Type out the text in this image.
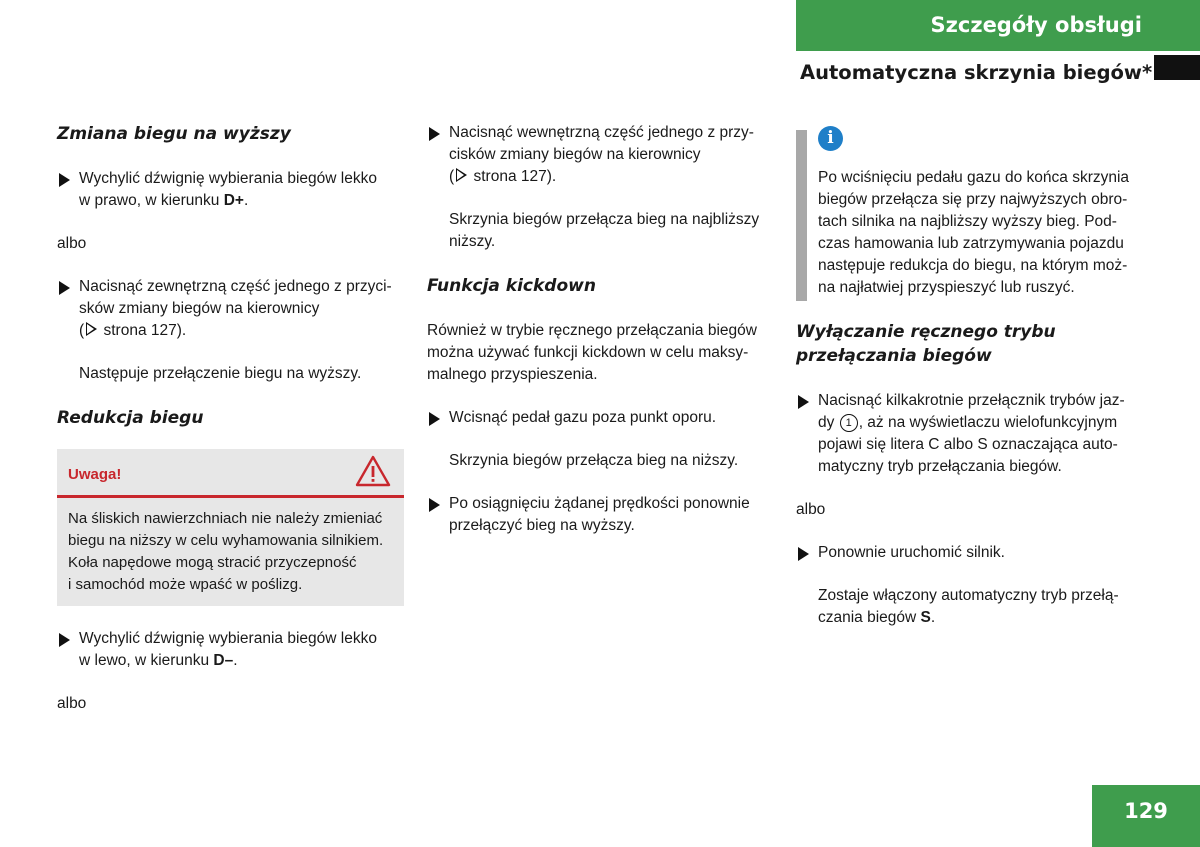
Szczegóły obsługi
Automatyczna skrzynia biegów*

Zmiana biegu na wyższy

Wychylić dźwignię wybierania biegów lekko
w prawo, w kierunku D+.

albo

Nacisnąć zewnętrzną część jednego z przyci-
sków zmiany biegów na kierownicy
( strona 127).

Następuje przełączenie biegu na wyższy.

Redukcja biegu

Uwaga!
Na śliskich nawierzchniach nie należy zmieniać
biegu na niższy w celu wyhamowania silnikiem.
Koła napędowe mogą stracić przyczepność
i samochód może wpaść w poślizg.
Wychylić dźwignię wybierania biegów lekko
w lewo, w kierunku D–.

albo

Nacisnąć wewnętrzną część jednego z przy-
cisków zmiany biegów na kierownicy
( strona 127).
Skrzynia biegów przełącza bieg na najbliższy
niższy.

Funkcja kickdown

Również w trybie ręcznego przełączania biegów
można używać funkcji kickdown w celu maksy-
malnego przyspieszenia.
Wcisnąć pedał gazu poza punkt oporu.

Skrzynia biegów przełącza bieg na niższy.

Po osiągnięciu żądanej prędkości ponownie
przełączyć bieg na wyższy.
i
Po wciśnięciu pedału gazu do końca skrzynia
biegów przełącza się przy najwyższych obro-
tach silnika na najbliższy wyższy bieg. Pod-
czas hamowania lub zatrzymywania pojazdu
następuje redukcja do biegu, na którym moż-
na najłatwiej przyspieszyć lub ruszyć.

Wyłączanie ręcznego trybu

przełączania biegów

Nacisnąć kilkakrotnie przełącznik trybów jaz-
dy 1 , aż na wyświetlaczu wielofunkcyjnym
pojawi się litera C albo S oznaczająca auto-
matyczny tryb przełączania biegów.

albo

Ponownie uruchomić silnik.
Zostaje włączony automatyczny tryb przełą-
czania biegów S.
129
